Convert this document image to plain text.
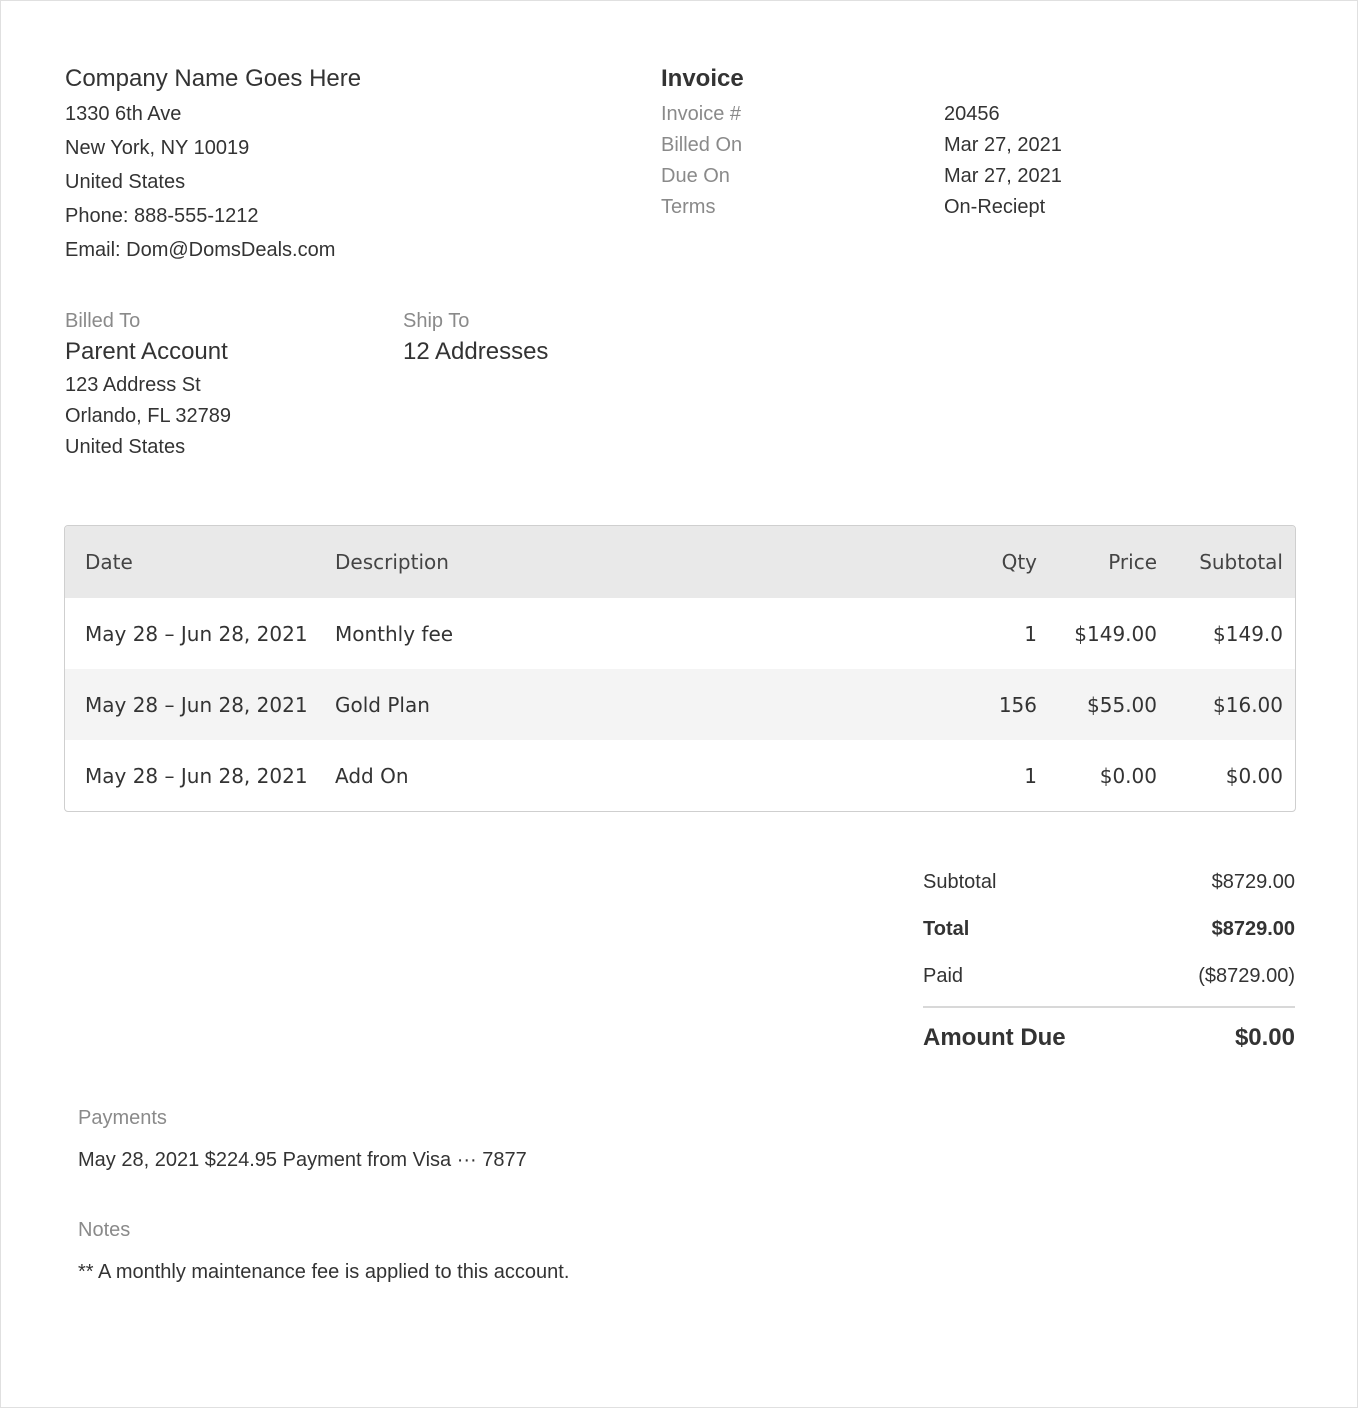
Company Name Goes Here
1330 6th Ave
New York, NY 10019
United States
Phone: 888-555-1212
Email: Dom@DomsDeals.com
Invoice
Invoice #	20456
Billed On	Mar 27, 2021
Due On	Mar 27, 2021
Terms	On-Reciept
Billed To
Parent Account
123 Address St
Orlando, FL 32789
United States
Ship To
12 Addresses
Date	Description	Qty	Price	Subtotal
May 28 – Jun 28, 2021	Monthly fee	1	$149.00	$149.0
May 28 – Jun 28, 2021	Gold Plan	156	$55.00	$16.00
May 28 – Jun 28, 2021	Add On	1	$0.00	$0.00
Subtotal	$8729.00
Total	$8729.00
Paid	($8729.00)
Amount Due	$0.00
Payments
May 28, 2021 $224.95 Payment from Visa ··· 7877
Notes
** A monthly maintenance fee is applied to this account.
